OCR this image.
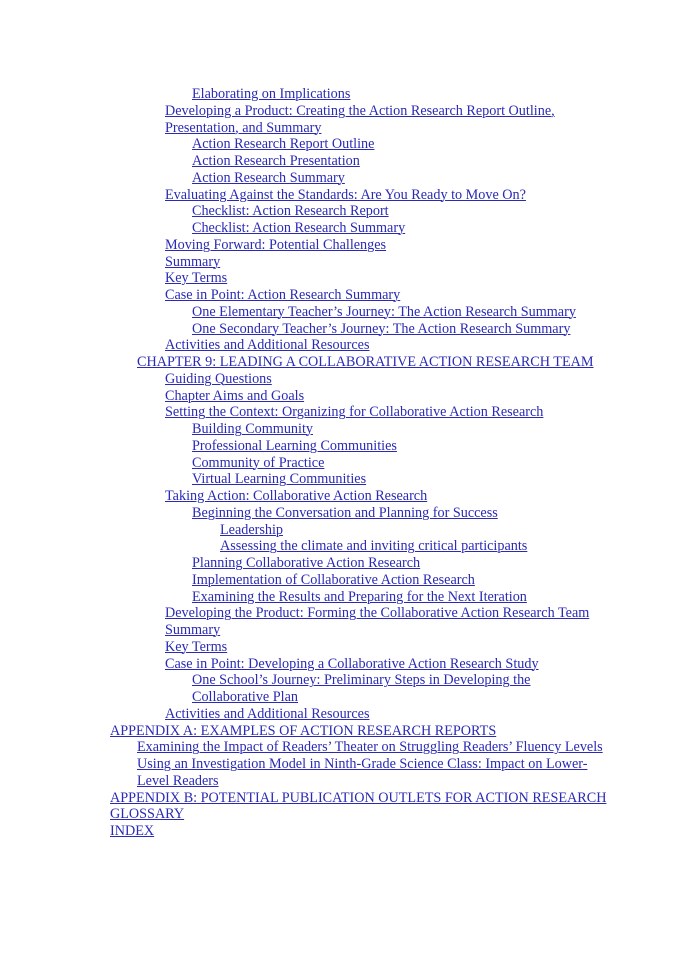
Elaborating on Implications
Developing a Product: Creating the Action Research Report Outline, Presentation, and Summary
Action Research Report Outline
Action Research Presentation
Action Research Summary
Evaluating Against the Standards: Are You Ready to Move On?
Checklist: Action Research Report
Checklist: Action Research Summary
Moving Forward: Potential Challenges
Summary
Key Terms
Case in Point: Action Research Summary
One Elementary Teacher’s Journey: The Action Research Summary
One Secondary Teacher’s Journey: The Action Research Summary
Activities and Additional Resources
CHAPTER 9: LEADING A COLLABORATIVE ACTION RESEARCH TEAM
Guiding Questions
Chapter Aims and Goals
Setting the Context: Organizing for Collaborative Action Research
Building Community
Professional Learning Communities
Community of Practice
Virtual Learning Communities
Taking Action: Collaborative Action Research
Beginning the Conversation and Planning for Success
Leadership
Assessing the climate and inviting critical participants
Planning Collaborative Action Research
Implementation of Collaborative Action Research
Examining the Results and Preparing for the Next Iteration
Developing the Product: Forming the Collaborative Action Research Team
Summary
Key Terms
Case in Point: Developing a Collaborative Action Research Study
One School’s Journey: Preliminary Steps in Developing the Collaborative Plan
Activities and Additional Resources
APPENDIX A: EXAMPLES OF ACTION RESEARCH REPORTS
Examining the Impact of Readers’ Theater on Struggling Readers’ Fluency Levels
Using an Investigation Model in Ninth-Grade Science Class: Impact on Lower-Level Readers
APPENDIX B: POTENTIAL PUBLICATION OUTLETS FOR ACTION RESEARCH
GLOSSARY
INDEX
